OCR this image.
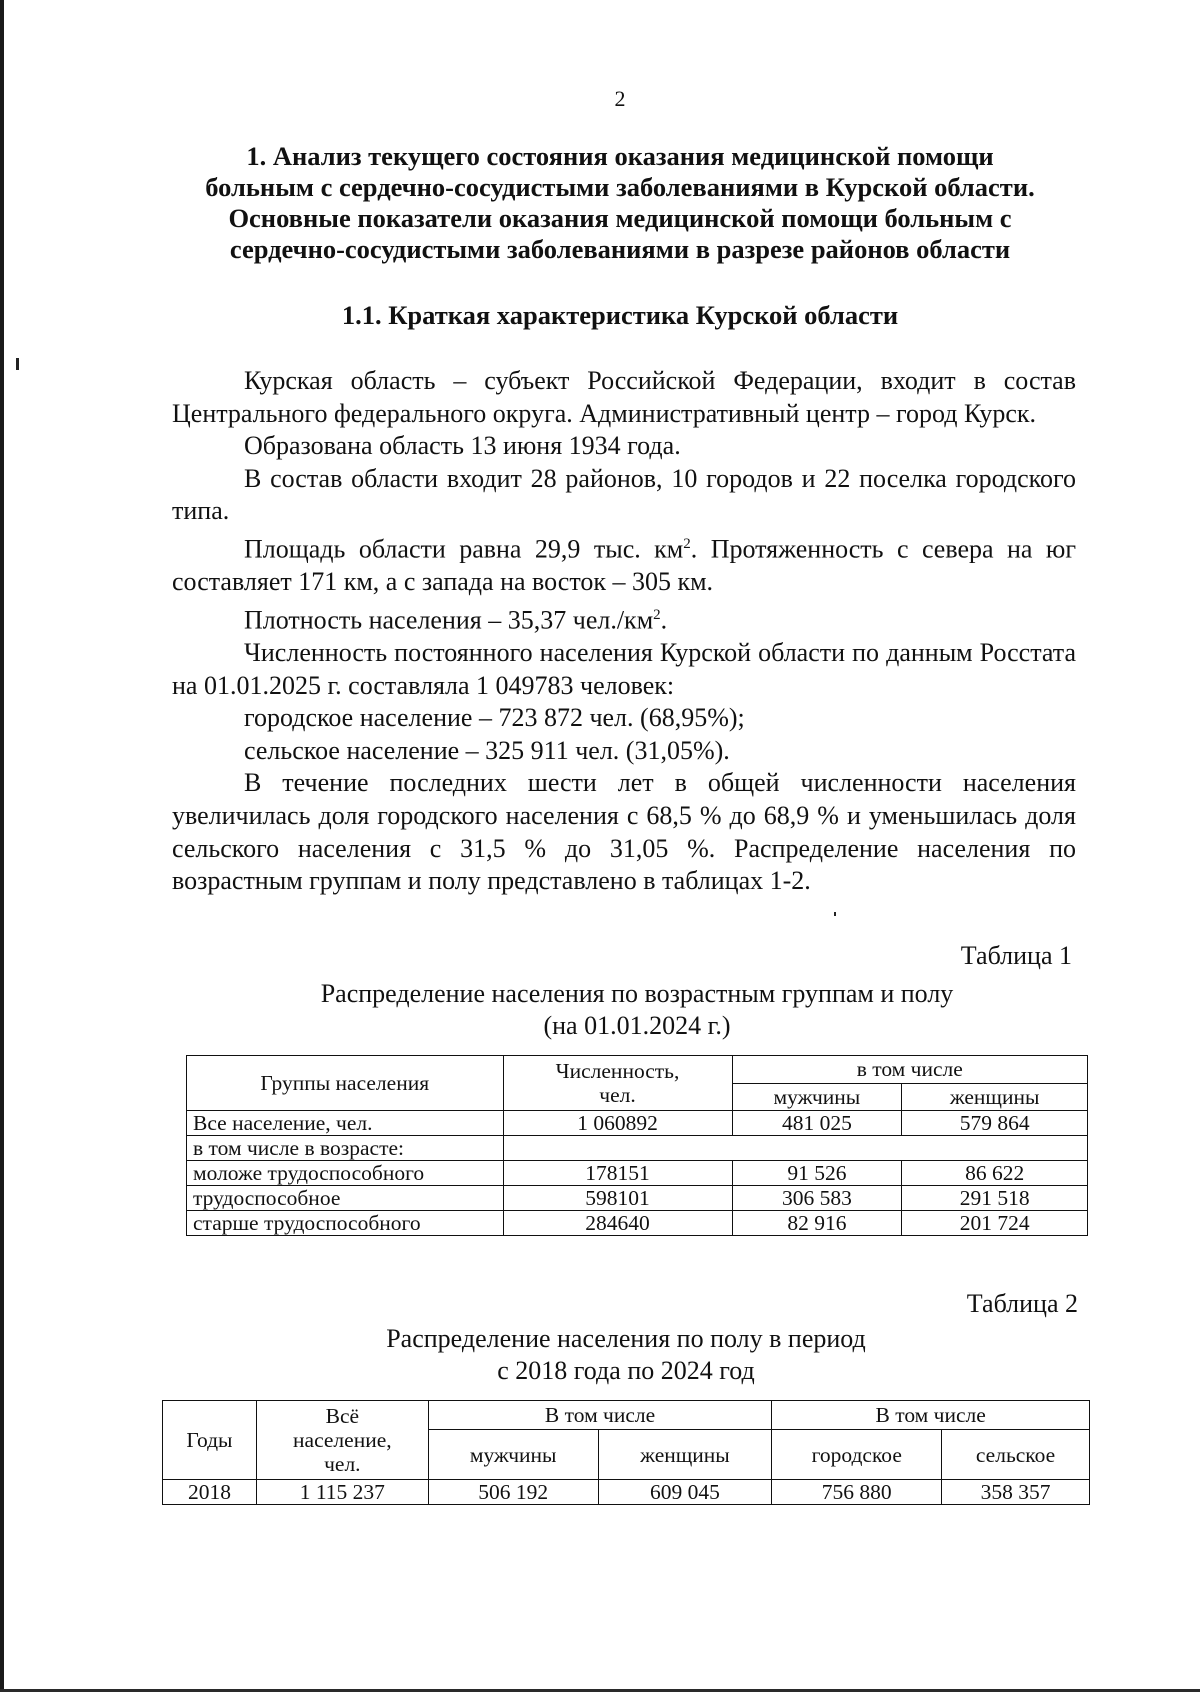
2
1. Анализ текущего состояния оказания медицинской помощи
больным с сердечно-сосудистыми заболеваниями в Курской области.
Основные показатели оказания медицинской помощи больным с
сердечно-сосудистыми заболеваниями в разрезе районов области
1.1. Краткая характеристика Курской области

Курская область – субъект Российской Федерации, входит в состав Центрального федерального округа. Административный центр – город Курск.

Образована область 13 июня 1934 года.

В состав области входит 28 районов, 10 городов и 22 поселка городского типа.

Площадь области равна 29,9 тыс. $км^2$. Протяженность с севера на юг составляет 171 км, а с запада на восток – 305 км.

Плотность населения – 35,37 $чел./км^2$.

Численность постоянного населения Курской области по данным Росстата на 01.01.2025 г. составляла 1 049783 человек:

городское население – 723 872 чел. (68,95%);

сельское население – 325 911 чел. (31,05%).

В течение последних шести лет в общей численности населения увеличилась доля городского населения с 68,5 % до 68,9 % и уменьшилась доля сельского населения с 31,5 % до 31,05 %. Распределение населения по возрастным группам и полу представлено в таблицах 1-2.

Таблица 1
Распределение населения по возрастным группам и полу
(на 01.01.2024 г.)
Группы населения	Численность, чел.	в том числе	
		мужчины	женщины
Все население, чел.	1 060892	481 025	579 864
в том числе в возрасте:			
моложе трудоспособного	178151	91 526	86 622
трудоспособное	598101	306 583	291 518
старше трудоспособного	284640	82 916	201 724
Таблица 2
Распределение населения по полу в период
с 2018 года по 2024 год
Годы	Всё население, чел.	В том числе		В том числе	
		мужчины	женщины	городское	сельское
2018	1 115 237	506 192	609 045	756 880	358 357
